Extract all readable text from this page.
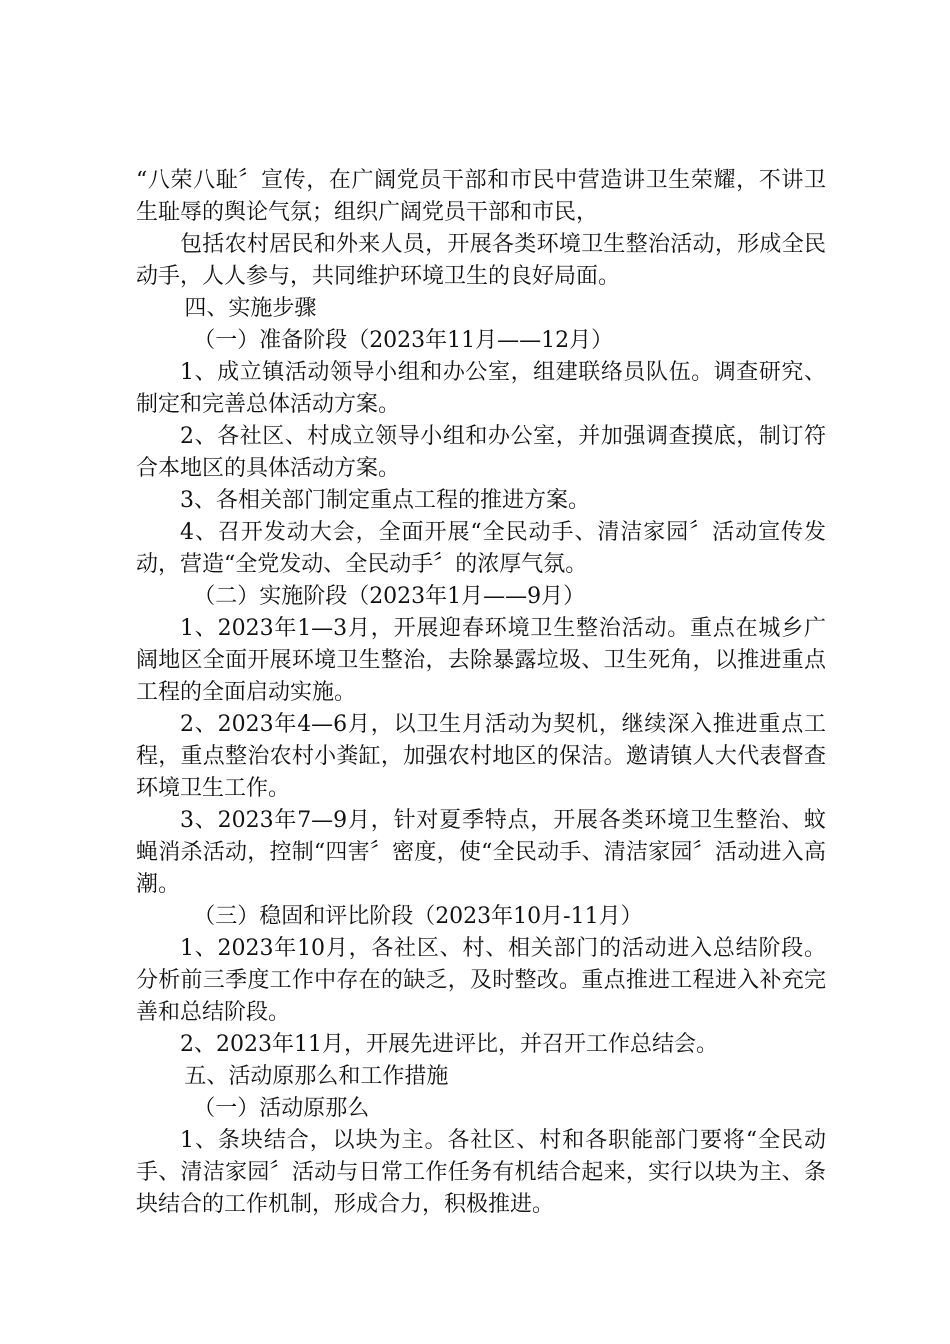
“八荣八耻〞宣传，在广阔党员干部和市民中营造讲卫生荣耀，不讲卫生耻辱的舆论气氛；组织广阔党员干部和市民，

包括农村居民和外来人员，开展各类环境卫生整治活动，形成全民动手，人人参与，共同维护环境卫生的良好局面。

四、实施步骤

（一）准备阶段（2023年11月——12月）

1、成立镇活动领导小组和办公室，组建联络员队伍。调查研究、制定和完善总体活动方案。

2、各社区、村成立领导小组和办公室，并加强调查摸底，制订符合本地区的具体活动方案。

3、各相关部门制定重点工程的推进方案。

4、召开发动大会，全面开展“全民动手、清洁家园〞活动宣传发动，营造“全党发动、全民动手〞的浓厚气氛。

（二）实施阶段（2023年1月——9月）

1、2023年1—3月，开展迎春环境卫生整治活动。重点在城乡广阔地区全面开展环境卫生整治，去除暴露垃圾、卫生死角，以推进重点工程的全面启动实施。

2、2023年4—6月，以卫生月活动为契机，继续深入推进重点工程，重点整治农村小粪缸，加强农村地区的保洁。邀请镇人大代表督查环境卫生工作。

3、2023年7—9月，针对夏季特点，开展各类环境卫生整治、蚊蝇消杀活动，控制“四害〞密度，使“全民动手、清洁家园〞活动进入高潮。

（三）稳固和评比阶段（2023年10月-11月）

1、2023年10月，各社区、村、相关部门的活动进入总结阶段。分析前三季度工作中存在的缺乏，及时整改。重点推进工程进入补充完善和总结阶段。

2、2023年11月，开展先进评比，并召开工作总结会。

五、活动原那么和工作措施

（一）活动原那么

1、条块结合，以块为主。各社区、村和各职能部门要将“全民动手、清洁家园〞活动与日常工作任务有机结合起来，实行以块为主、条块结合的工作机制，形成合力，积极推进。
